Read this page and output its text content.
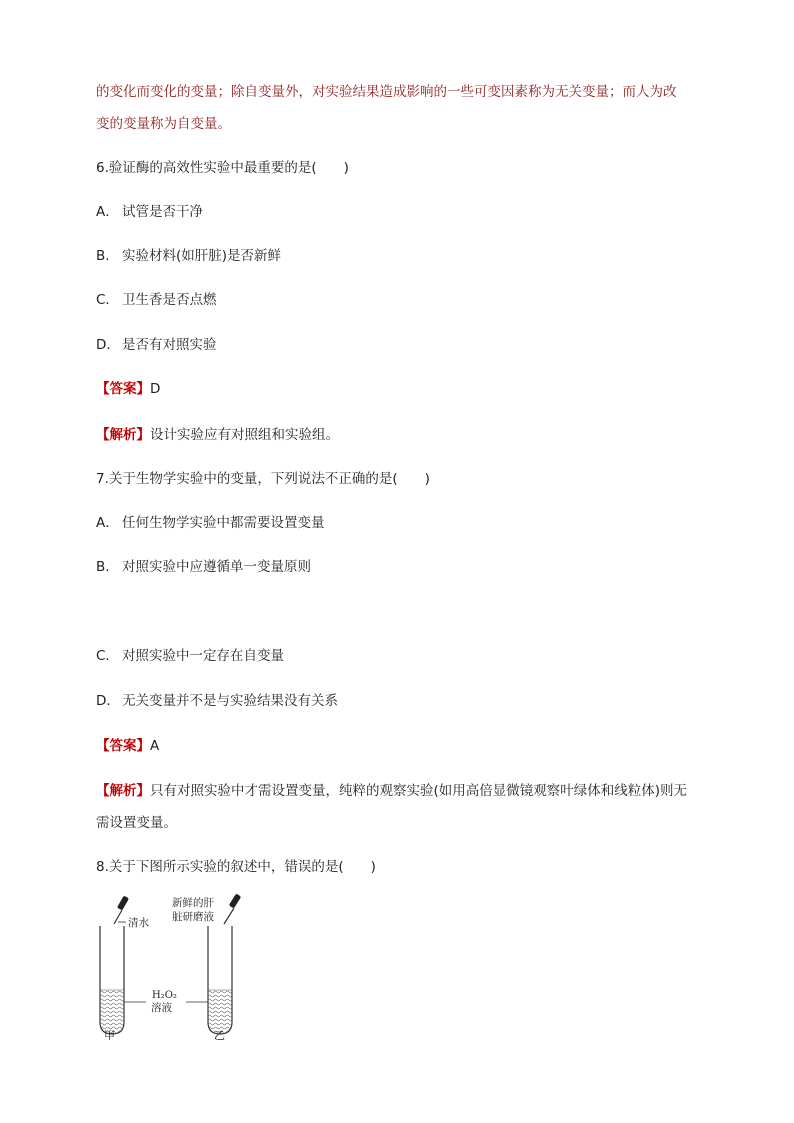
的变化而变化的变量；除自变量外，对实验结果造成影响的一些可变因素称为无关变量；而人为改
变的变量称为自变量。
6.验证酶的高效性实验中最重要的是(　　)
A． 试管是否干净
B． 实验材料(如肝脏)是否新鲜
C． 卫生香是否点燃
D． 是否有对照实验
【答案】D
【解析】设计实验应有对照组和实验组。
7.关于生物学实验中的变量，下列说法不正确的是(　　)
A． 任何生物学实验中都需要设置变量
B． 对照实验中应遵循单一变量原则
C． 对照实验中一定存在自变量
D． 无关变量并不是与实验结果没有关系
【答案】A
【解析】只有对照实验中才需设置变量，纯粹的观察实验(如用高倍显微镜观察叶绿体和线粒体)则无
需设置变量。
8.关于下图所示实验的叙述中，错误的是(　　)
清水
新鲜的肝
脏研磨液
H₂O₂
溶液
甲	乙
